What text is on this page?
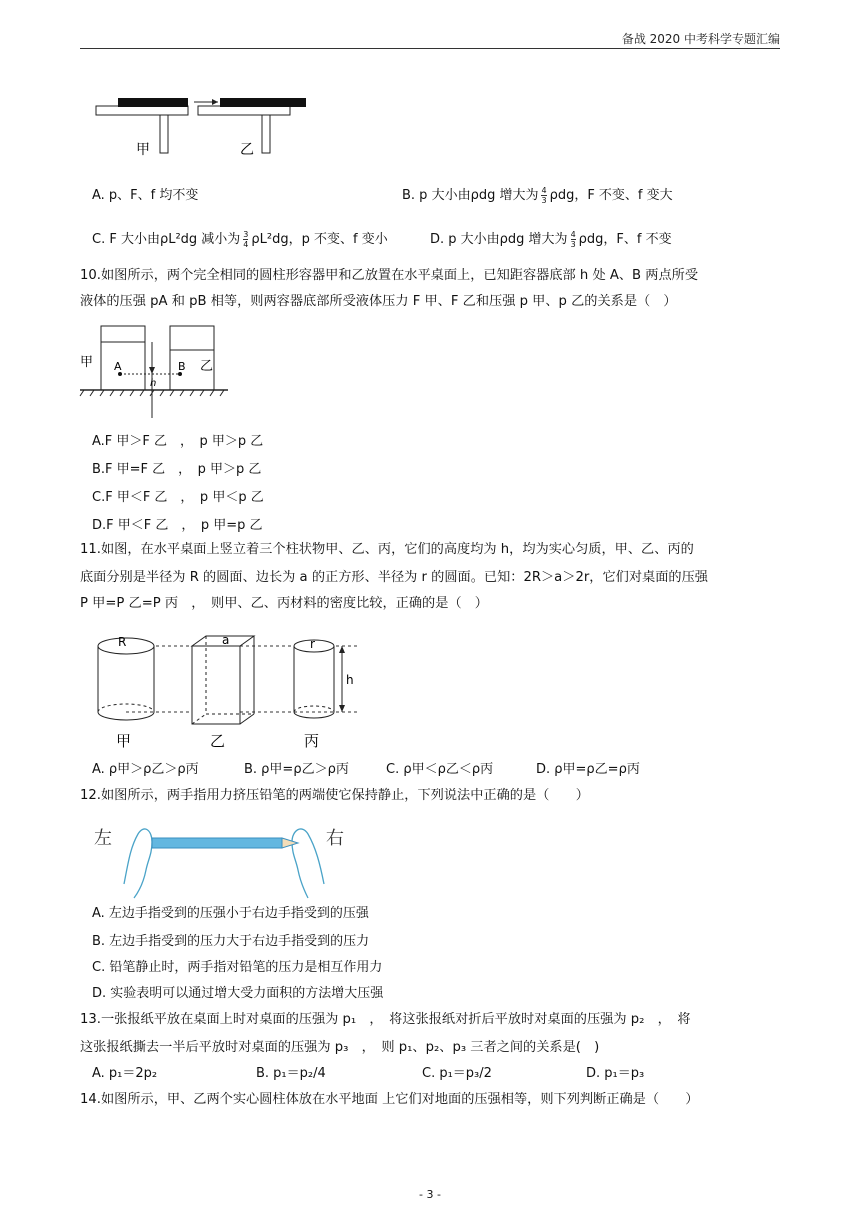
备战 2020 中考科学专题汇编
甲	乙
A. p、F、f 均不变	B. p 大小由ρdg 增大为 $\frac{4}{3}$ ρdg，F 不变、f 变大
C. F 大小由ρL²dg 减小为 $\frac{3}{4} \rho L^2dg$，p 不变、f 变小	D. p 大小由ρdg 增大为 $\frac{4}{3}$ ρdg，F、f 不变
10.如图所示，两个完全相同的圆柱形容器甲和乙放置在水平桌面上，已知距容器底部 h 处 A、B 两点所受
液体的压强 pA 和 pB 相等，则两容器底部所受液体压力 F 甲、F 乙和压强 p 甲、p 乙的关系是（　）
甲 A	B 乙
h
A.F 甲＞F 乙　，　p 甲＞p 乙
B.F 甲=F 乙　，　p 甲＞p 乙
C.F 甲＜F 乙　，　p 甲＜p 乙
D.F 甲＜F 乙　，　p 甲=p 乙
11.如图，在水平桌面上竖立着三个柱状物甲、乙、丙，它们的高度均为 h，均为实心匀质，甲、乙、丙的
底面分别是半径为 R 的圆面、边长为 a 的正方形、半径为 r 的圆面。已知：2R＞a＞2r，它们对桌面的压强
P 甲=P 乙=P 丙　，　则甲、乙、丙材料的密度比较，正确的是（　）
R	a	r
h
甲	乙	丙
A. ρ甲＞ρ乙＞ρ丙	B. ρ甲=ρ乙＞ρ丙	C. ρ甲＜ρ乙＜ρ丙	D. ρ甲=ρ乙=ρ丙
12.如图所示，两手指用力挤压铅笔的两端使它保持静止，下列说法中正确的是（　　）
左	右
A. 左边手指受到的压强小于右边手指受到的压强
B. 左边手指受到的压力大于右边手指受到的压力
C. 铅笔静止时，两手指对铅笔的压力是相互作用力
D. 实验表明可以通过增大受力面积的方法增大压强
13.一张报纸平放在桌面上时对桌面的压强为 p₁　，　将这张报纸对折后平放时对桌面的压强为 p₂　，　将
这张报纸撕去一半后平放时对桌面的压强为 p₃　，　则 p₁、p₂、p₃ 三者之间的关系是(　)
A. p₁＝2p₂	B. p₁＝p₂/4	C. p₁＝p₃/2	D. p₁＝p₃
14.如图所示，甲、乙两个实心圆柱体放在水平地面 上它们对地面的压强相等，则下列判断正确是（　　）
- 3 -
